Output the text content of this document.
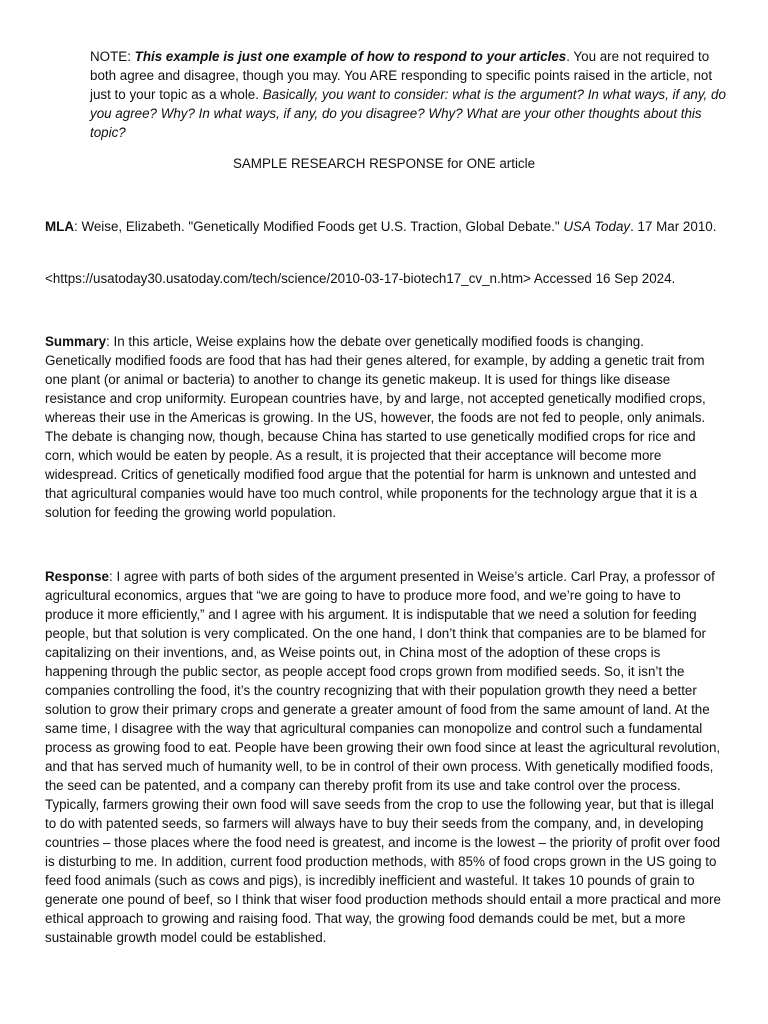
NOTE: This example is just one example of how to respond to your articles. You are not required to both agree and disagree, though you may. You ARE responding to specific points raised in the article, not just to your topic as a whole. Basically, you want to consider: what is the argument? In what ways, if any, do you agree? Why? In what ways, if any, do you disagree? Why? What are your other thoughts about this topic?

SAMPLE RESEARCH RESPONSE for ONE article

MLA: Weise, Elizabeth. "Genetically Modified Foods get U.S. Traction, Global Debate." USA Today. 17 Mar 2010.

<https://usatoday30.usatoday.com/tech/science/2010-03-17-biotech17_cv_n.htm> Accessed 16 Sep 2024.

Summary: In this article, Weise explains how the debate over genetically modified foods is changing. Genetically modified foods are food that has had their genes altered, for example, by adding a genetic trait from one plant (or animal or bacteria) to another to change its genetic makeup. It is used for things like disease resistance and crop uniformity. European countries have, by and large, not accepted genetically modified crops, whereas their use in the Americas is growing. In the US, however, the foods are not fed to people, only animals. The debate is changing now, though, because China has started to use genetically modified crops for rice and corn, which would be eaten by people. As a result, it is projected that their acceptance will become more widespread. Critics of genetically modified food argue that the potential for harm is unknown and untested and that agricultural companies would have too much control, while proponents for the technology argue that it is a solution for feeding the growing world population.

Response: I agree with parts of both sides of the argument presented in Weise’s article. Carl Pray, a professor of agricultural economics, argues that “we are going to have to produce more food, and we’re going to have to produce it more efficiently,” and I agree with his argument. It is indisputable that we need a solution for feeding people, but that solution is very complicated. On the one hand, I don’t think that companies are to be blamed for capitalizing on their inventions, and, as Weise points out, in China most of the adoption of these crops is happening through the public sector, as people accept food crops grown from modified seeds. So, it isn’t the companies controlling the food, it’s the country recognizing that with their population growth they need a better solution to grow their primary crops and generate a greater amount of food from the same amount of land. At the same time, I disagree with the way that agricultural companies can monopolize and control such a fundamental process as growing food to eat. People have been growing their own food since at least the agricultural revolution, and that has served much of humanity well, to be in control of their own process. With genetically modified foods, the seed can be patented, and a company can thereby profit from its use and take control over the process. Typically, farmers growing their own food will save seeds from the crop to use the following year, but that is illegal to do with patented seeds, so farmers will always have to buy their seeds from the company, and, in developing countries – those places where the food need is greatest, and income is the lowest – the priority of profit over food is disturbing to me. In addition, current food production methods, with 85% of food crops grown in the US going to feed food animals (such as cows and pigs), is incredibly inefficient and wasteful. It takes 10 pounds of grain to generate one pound of beef, so I think that wiser food production methods should entail a more practical and more ethical approach to growing and raising food. That way, the growing food demands could be met, but a more sustainable growth model could be established.
